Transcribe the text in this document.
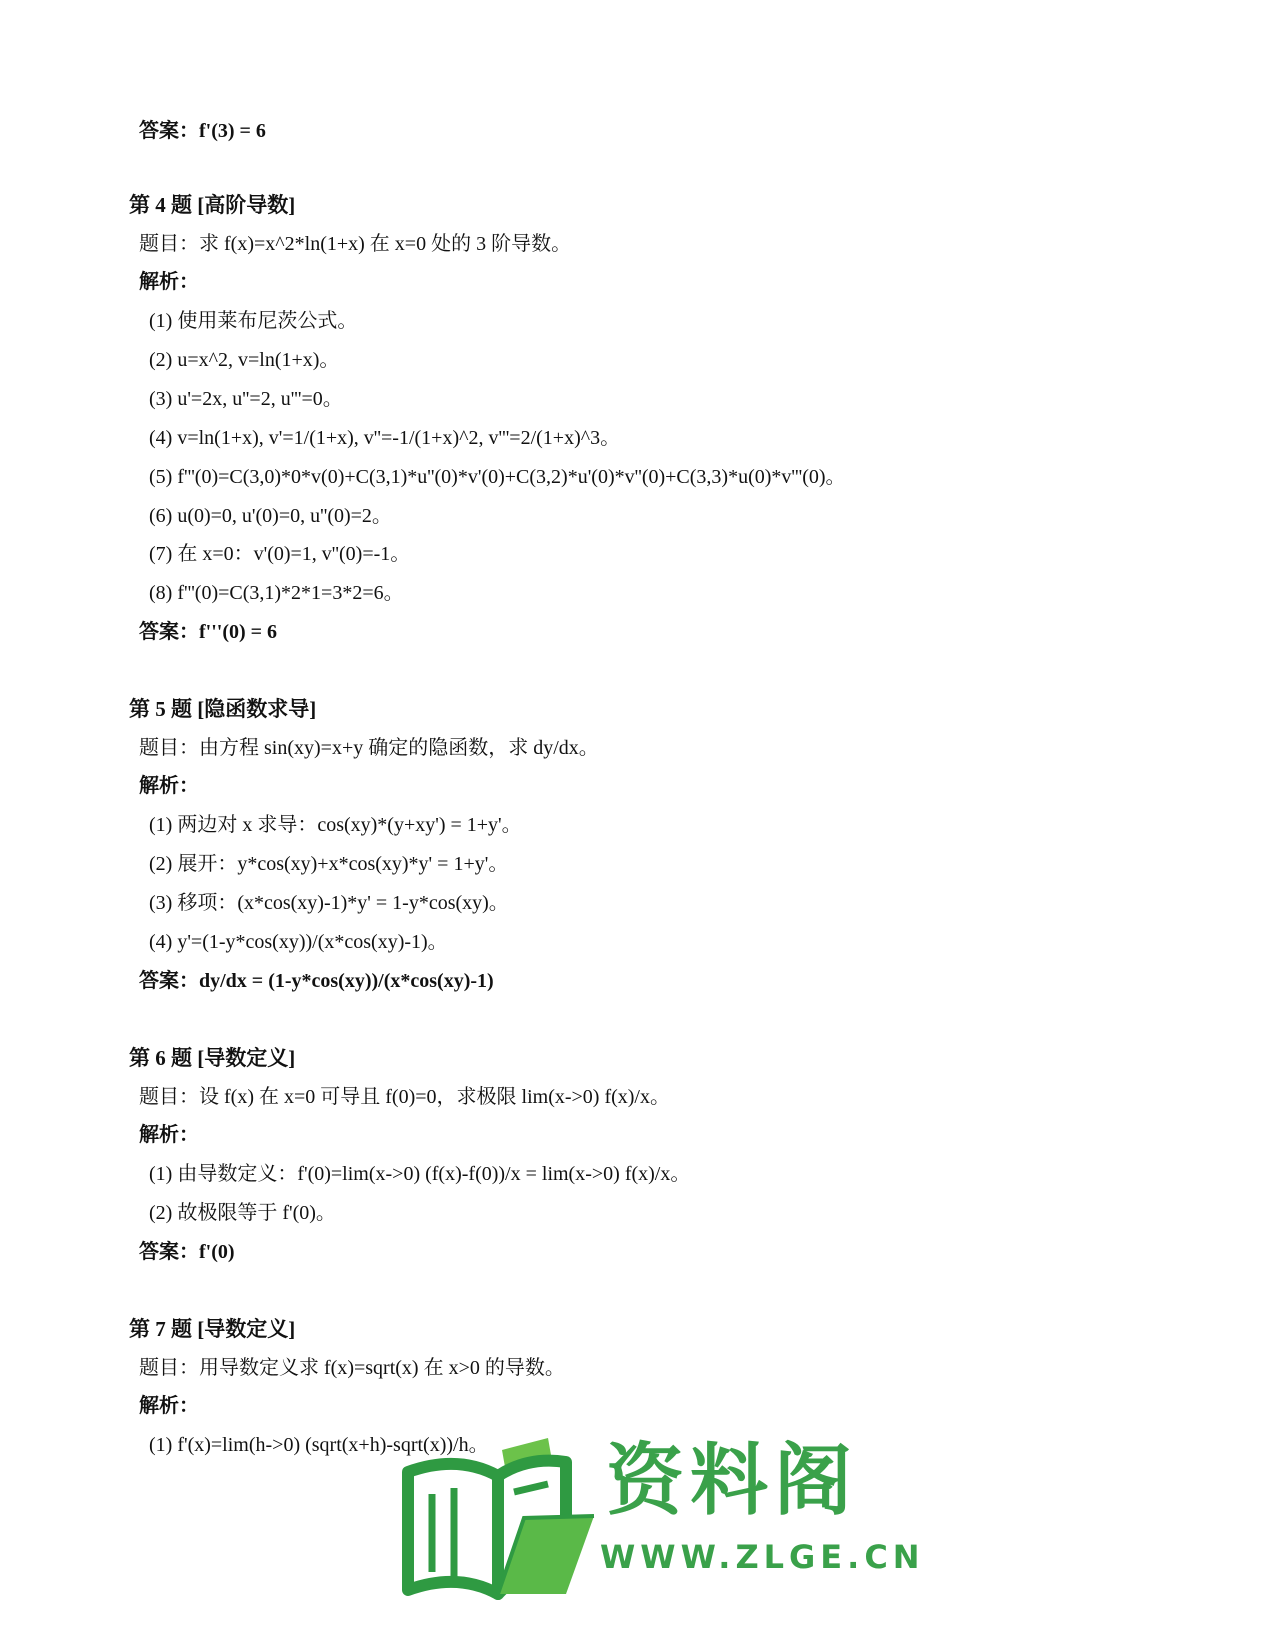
答案：f'(3) = 6
第 4 题 [高阶导数]
题目：求 f(x)=x^2*ln(1+x) 在 x=0 处的 3 阶导数。
解析：
(1) 使用莱布尼茨公式。
(2) u=x^2, v=ln(1+x)。
(3) u'=2x, u''=2, u'''=0。
(4) v=ln(1+x), v'=1/(1+x), v''=-1/(1+x)^2, v'''=2/(1+x)^3。
(5) f'''(0)=C(3,0)*0*v(0)+C(3,1)*u''(0)*v'(0)+C(3,2)*u'(0)*v''(0)+C(3,3)*u(0)*v'''(0)。
(6) u(0)=0, u'(0)=0, u''(0)=2。
(7) 在 x=0：v'(0)=1, v''(0)=-1。
(8) f'''(0)=C(3,1)*2*1=3*2=6。
答案：f'''(0) = 6
第 5 题 [隐函数求导]
题目：由方程 sin(xy)=x+y 确定的隐函数，求 dy/dx。
解析：
(1) 两边对 x 求导：cos(xy)*(y+xy') = 1+y'。
(2) 展开：y*cos(xy)+x*cos(xy)*y' = 1+y'。
(3) 移项：(x*cos(xy)-1)*y' = 1-y*cos(xy)。
(4) y'=(1-y*cos(xy))/(x*cos(xy)-1)。
答案：dy/dx = (1-y*cos(xy))/(x*cos(xy)-1)
第 6 题 [导数定义]
题目：设 f(x) 在 x=0 可导且 f(0)=0，求极限 lim(x->0) f(x)/x。
解析：
(1) 由导数定义：f'(0)=lim(x->0) (f(x)-f(0))/x = lim(x->0) f(x)/x。
(2) 故极限等于 f'(0)。
答案：f'(0)
第 7 题 [导数定义]
题目：用导数定义求 f(x)=sqrt(x) 在 x>0 的导数。
解析：
(1) f'(x)=lim(h->0) (sqrt(x+h)-sqrt(x))/h。 资料阁
WWW.ZLGE.CN
